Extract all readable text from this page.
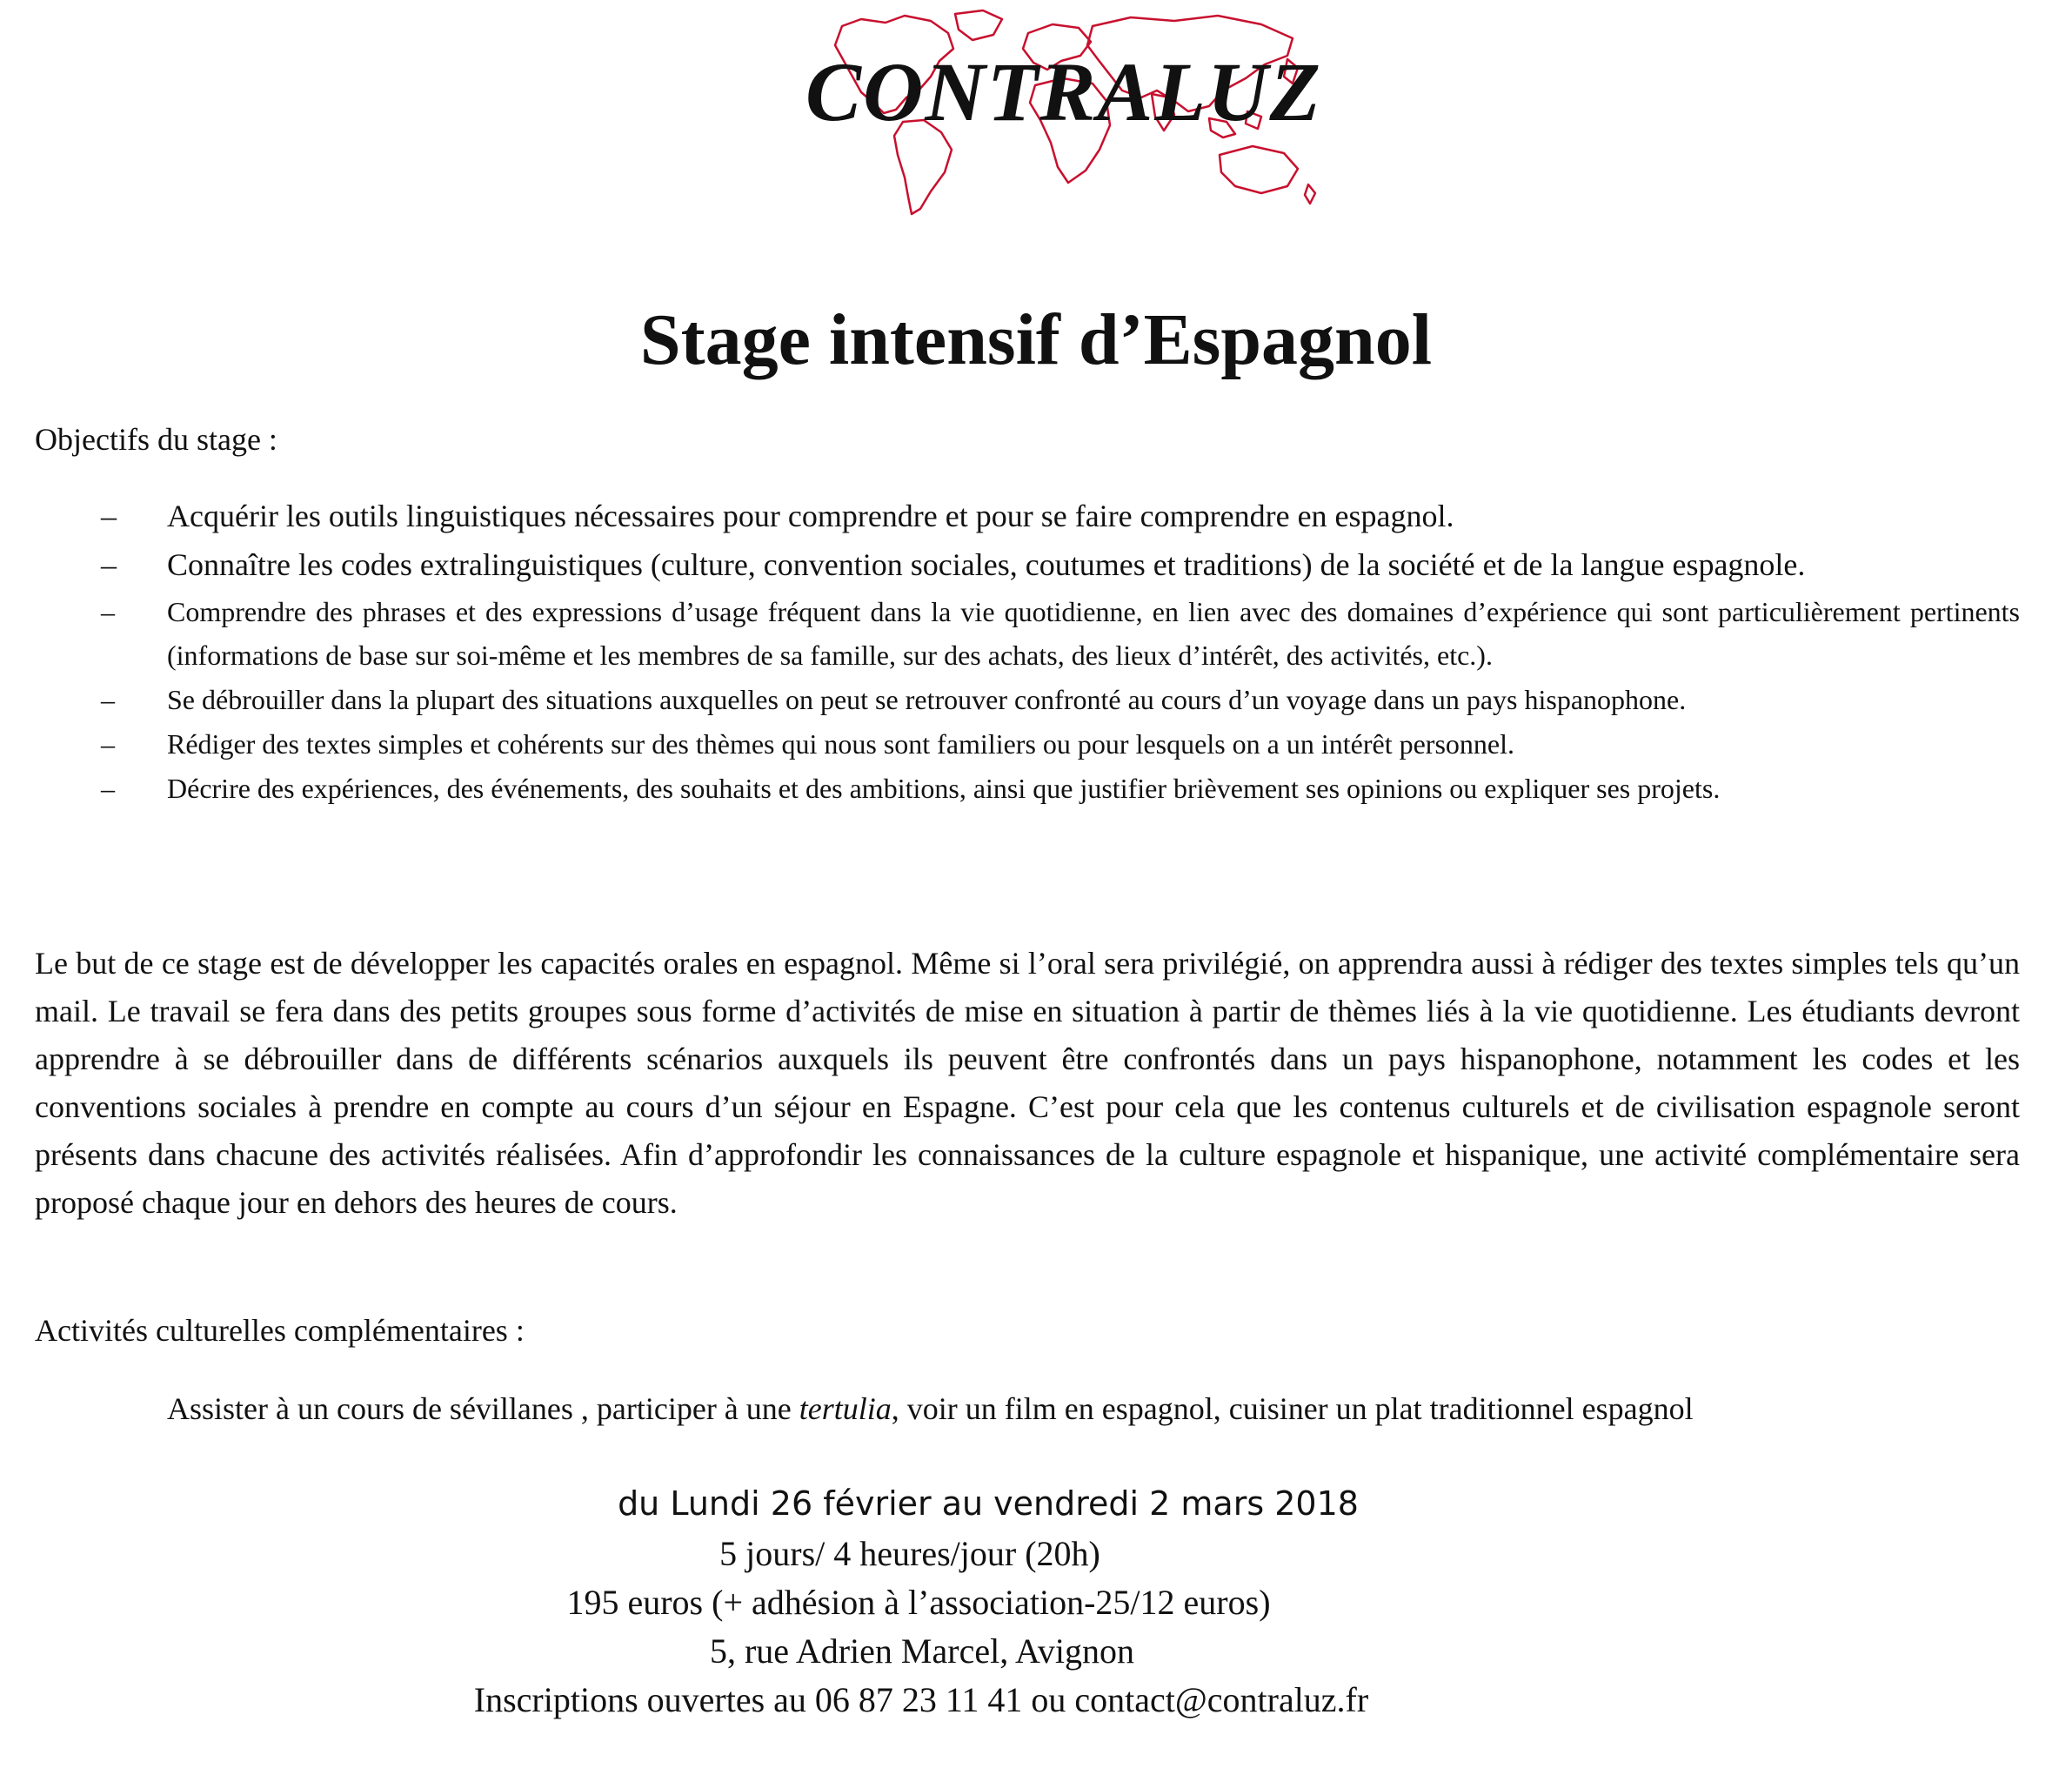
CONTRALUZ
Stage intensif d’Espagnol
Objectifs du stage :
– Acquérir les outils linguistiques nécessaires pour comprendre et pour se faire comprendre en espagnol.
– Connaître les codes extralinguistiques (culture, convention sociales, coutumes et traditions) de la société et de la langue espagnole.
– Comprendre des phrases et des expressions d’usage fréquent dans la vie quotidienne, en lien avec des domaines d’expérience qui sont particulièrement pertinents (informations de base sur soi-même et les membres de sa famille, sur des achats, des lieux d’intérêt, des activités, etc.).
– Se débrouiller dans la plupart des situations auxquelles on peut se retrouver confronté au cours d’un voyage dans un pays hispanophone.
– Rédiger des textes simples et cohérents sur des thèmes qui nous sont familiers ou pour lesquels on a un intérêt personnel.
– Décrire des expériences, des événements, des souhaits et des ambitions, ainsi que justifier brièvement ses opinions ou expliquer ses projets.

Le but de ce stage est de développer les capacités orales en espagnol. Même si l’oral sera privilégié, on apprendra aussi à rédiger des textes simples tels qu’un mail. Le travail se fera dans des petits groupes sous forme d’activités de mise en situation à partir de thèmes liés à la vie quotidienne. Les étudiants devront apprendre à se débrouiller dans de différents scénarios auxquels ils peuvent être confrontés dans un pays hispanophone, notamment les codes et les conventions sociales à prendre en compte au cours d’un séjour en Espagne. C’est pour cela que les contenus culturels et de civilisation espagnole seront présents dans chacune des activités réalisées. Afin d’approfondir les connaissances de la culture espagnole et hispanique, une activité complémentaire sera proposé chaque jour en dehors des heures de cours.

Activités culturelles complémentaires :
Assister à un cours de sévillanes , participer à une tertulia, voir un film en espagnol, cuisiner un plat traditionnel espagnol
du Lundi 26 février au vendredi 2 mars 2018
5 jours/ 4 heures/jour (20h)
195 euros (+ adhésion à l’association-25/12 euros)
5, rue Adrien Marcel, Avignon
Inscriptions ouvertes au 06 87 23 11 41 ou contact@contraluz.fr
